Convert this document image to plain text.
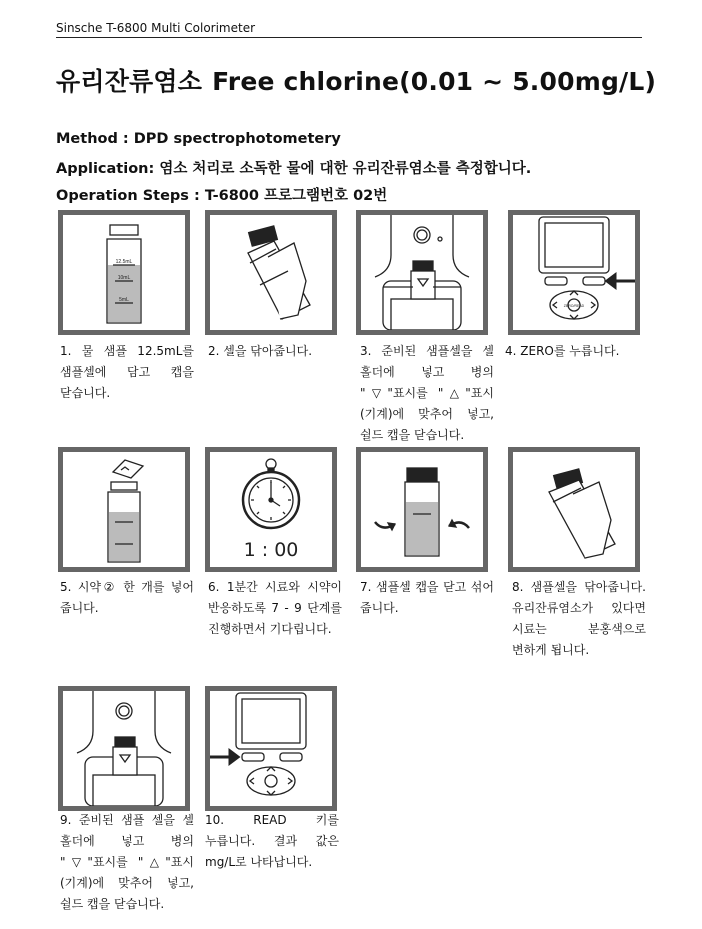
Sinsche T-6800 Multi Colorimeter
유리잔류염소 Free chlorine(0.01 ~ 5.00mg/L)
Method : DPD spectrophotometery
Application: 염소 처리로 소독한 물에 대한 유리잔류염소를 측정합니다.
Operation Steps : T-6800 프로그램번호 02번
12.5mL
10mL
5mL
ZERO/READ
1 : 00
1. 물 샘플 12.5mL를 샘플셀에 담고 캡을 닫습니다.
2. 셀을 닦아줍니다.	3. 준비된 샘플셀을 셀 홀더에 넣고 병의 "▽"표시를 "△"표시(기계)에 맞추어 넣고, 쉴드 캡을 닫습니다.
4. ZERO를 누릅니다.
5. 시약② 한 개를 넣어 줍니다.
6. 1분간 시료와 시약이 반응하도록 7 - 9 단계를 진행하면서 기다립니다.
7. 샘플셀 캡을 닫고 섞어 줍니다.
8. 샘플셀을 닦아줍니다. 유리잔류염소가 있다면 시료는 분홍색으로 변하게 됩니다.
9. 준비된 샘플 셀을 셀 홀더에 넣고 병의 "▽"표시를 "△"표시(기계)에 맞추어 넣고, 쉴드 캡을 닫습니다.
10. READ 키를 누릅니다. 결과 값은 mg/L로 나타납니다.
